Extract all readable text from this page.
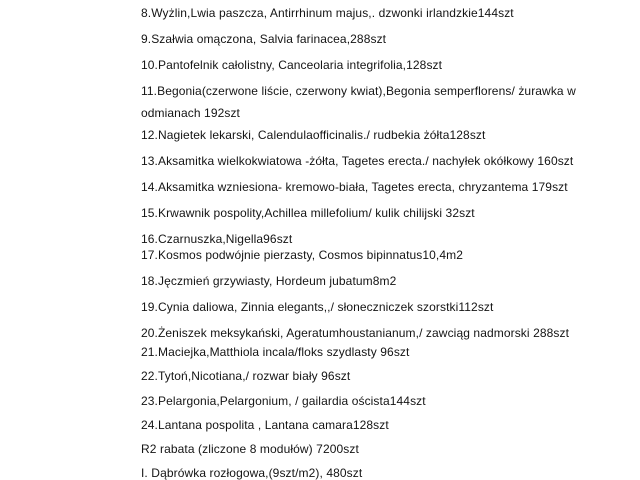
8.Wyżlin,Lwia paszcza, Antirrhinum majus,. dzwonki irlandzkie144szt
9.Szałwia omączona, Salvia farinacea,288szt
10.Pantofelnik całolistny, Canceolaria integrifolia,128szt
11.Begonia(czerwone liście, czerwony kwiat),Begonia semperflorens/ żurawka w odmianach 192szt
12.Nagietek lekarski, Calendulaofficinalis./ rudbekia żółta128szt
13.Aksamitka wielkokwiatowa -żółta, Tagetes erecta./ nachyłek okółkowy 160szt
14.Aksamitka wzniesiona- kremowo-biała, Tagetes erecta, chryzantema 179szt
15.Krwawnik pospolity,Achillea millefolium/ kulik chilijski 32szt
16.Czarnuszka,Nigella96szt
17.Kosmos podwójnie pierzasty, Cosmos bipinnatus10,4m2
18.Jęczmień grzywiasty, Hordeum jubatum8m2
19.Cynia daliowa, Zinnia elegants,,/ słoneczniczek szorstki112szt
20.Żeniszek meksykański, Ageratumhoustanianum,/ zawciąg nadmorski 288szt
21.Maciejka,Matthiola incala/floks szydlasty 96szt
22.Tytoń,Nicotiana,/ rozwar biały 96szt
23.Pelargonia,Pelargonium, / gailardia oścista144szt
24.Lantana pospolita , Lantana camara128szt
R2 rabata (zliczone 8 modułów) 7200szt
I. Dąbrówka rozłogowa,(9szt/m2), 480szt
